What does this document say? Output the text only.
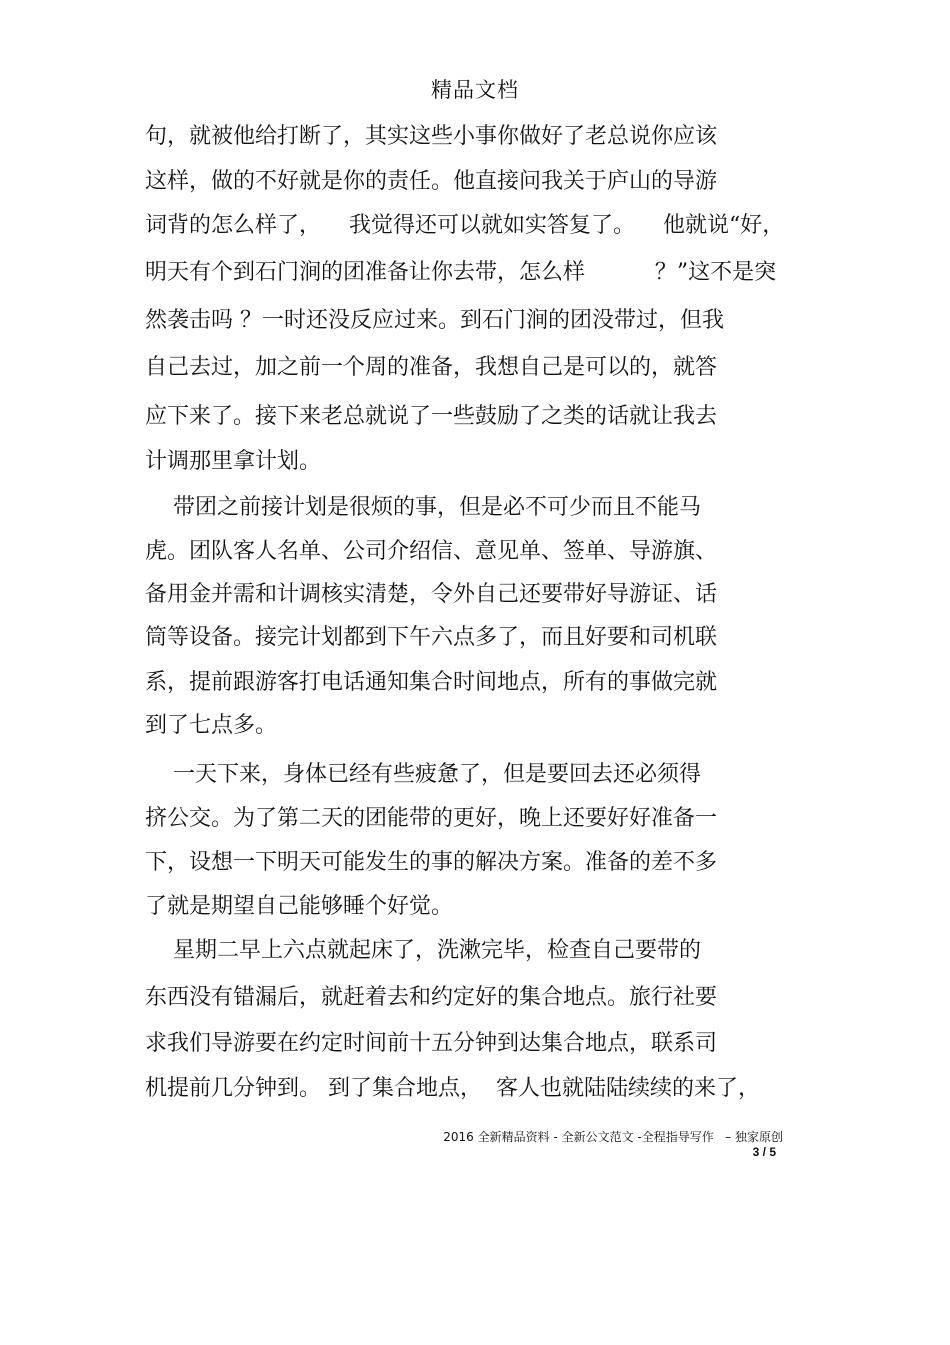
精品文档
句，就被他给打断了，其实这些小事你做好了老总说你应该
这样，做的不好就是你的责任。他直接问我关于庐山的导游
词背的怎么样了，    我觉得还可以就如实答复了。    他就说“好，
明天有个到石门涧的团准备让你去带，怎么样          ？”这不是突
然袭击吗 ？一时还没反应过来。到石门涧的团没带过，但我
自己去过，加之前一个周的准备，我想自己是可以的，就答
应下来了。接下来老总就说了一些鼓励了之类的话就让我去
计调那里拿计划。
带团之前接计划是很烦的事，但是必不可少而且不能马
虎。团队客人名单、公司介绍信、意见单、签单、导游旗、
备用金并需和计调核实清楚，令外自己还要带好导游证、话
筒等设备。接完计划都到下午六点多了，而且好要和司机联
系，提前跟游客打电话通知集合时间地点，所有的事做完就
到了七点多。
一天下来，身体已经有些疲惫了，但是要回去还必须得
挤公交。为了第二天的团能带的更好，晚上还要好好准备一
下，设想一下明天可能发生的事的解决方案。准备的差不多
了就是期望自己能够睡个好觉。
星期二早上六点就起床了，洗漱完毕，检查自己要带的
东西没有错漏后，就赶着去和约定好的集合地点。旅行社要
求我们导游要在约定时间前十五分钟到达集合地点，联系司
机提前几分钟到。 到了集合地点，  客人也就陆陆续续的来了，
2016 全新精品资料 - 全新公文范文 -全程指导写作   – 独家原创
3 / 5
